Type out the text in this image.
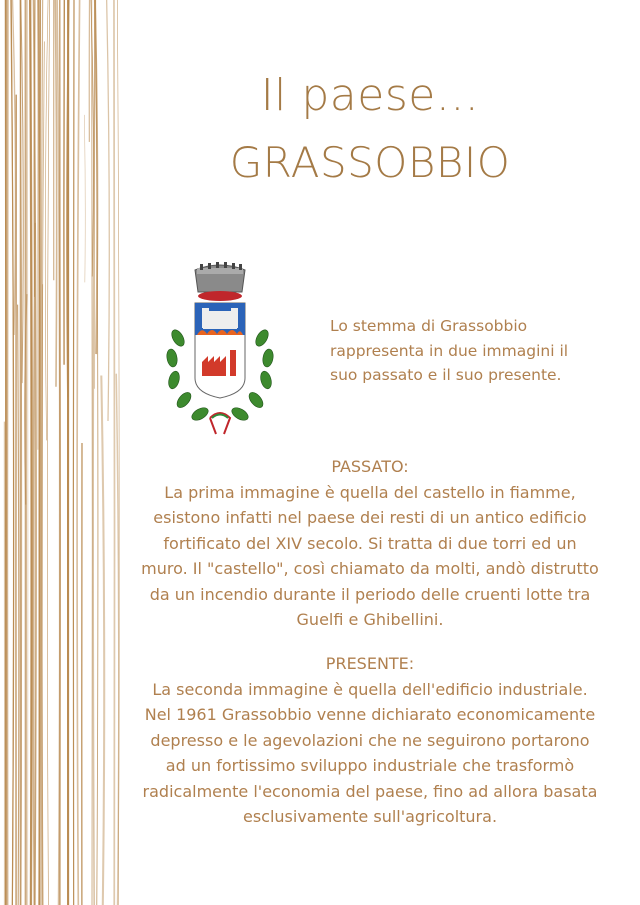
Il paese...
GRASSOBBIO
Lo stemma di Grassobbio
rappresenta in due immagini il
suo passato e il suo presente.
PASSATO:
La prima immagine è quella del castello in fiamme,
esistono infatti nel paese dei resti di un antico edificio
fortificato del XIV secolo. Si tratta di due torri ed un
muro. Il "castello", così chiamato da molti, andò distrutto
da un incendio durante il periodo delle cruenti lotte tra
Guelfi e Ghibellini.
PRESENTE:
La seconda immagine è quella dell'edificio industriale.
Nel 1961 Grassobbio venne dichiarato economicamente
depresso e le agevolazioni che ne seguirono portarono
ad un fortissimo sviluppo industriale che trasformò
radicalmente l'economia del paese, fino ad allora basata
esclusivamente sull'agricoltura.
